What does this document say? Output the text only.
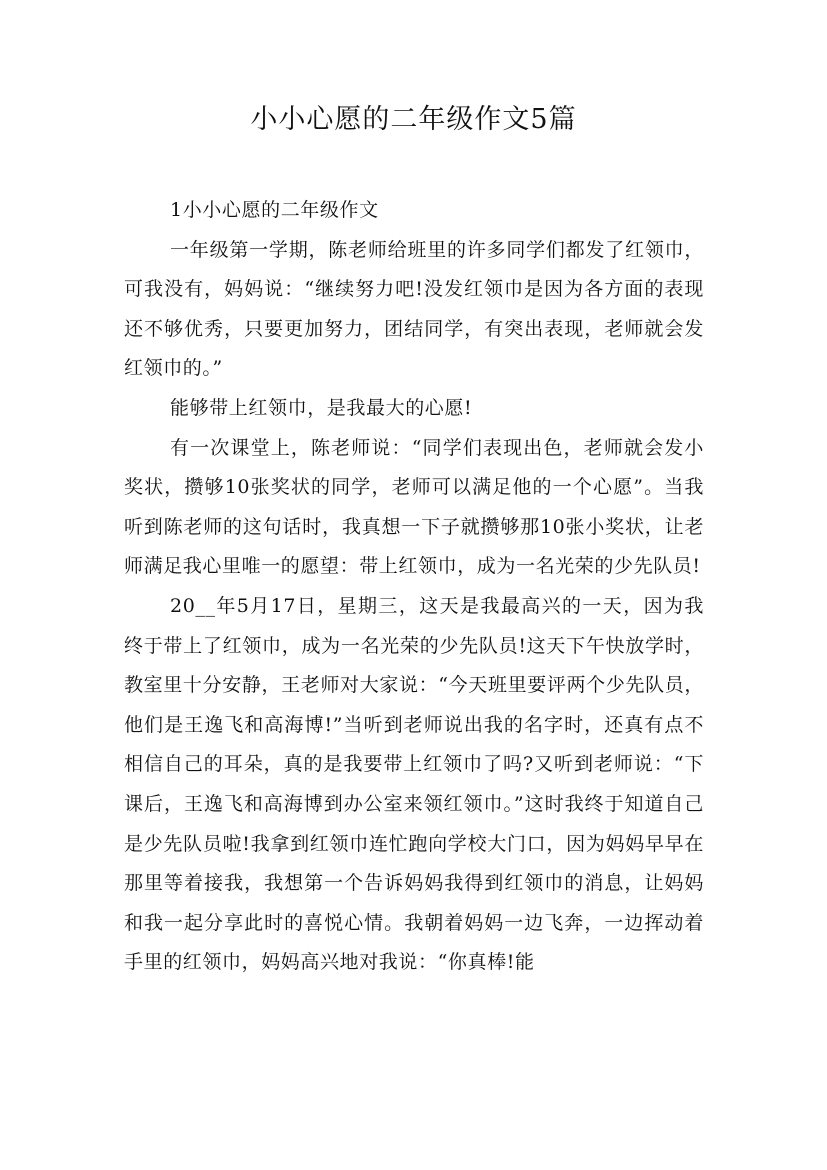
小小心愿的二年级作文5篇

1小小心愿的二年级作文

一年级第一学期，陈老师给班里的许多同学们都发了红领巾，可我没有，妈妈说：“继续努力吧!没发红领巾是因为各方面的表现还不够优秀，只要更加努力，团结同学，有突出表现，老师就会发红领巾的。”

能够带上红领巾，是我最大的心愿!

有一次课堂上，陈老师说：“同学们表现出色，老师就会发小奖状，攒够10张奖状的同学，老师可以满足他的一个心愿”。当我听到陈老师的这句话时，我真想一下子就攒够那10张小奖状，让老师满足我心里唯一的愿望：带上红领巾，成为一名光荣的少先队员!

20__年5月17日，星期三，这天是我最高兴的一天，因为我终于带上了红领巾，成为一名光荣的少先队员!这天下午快放学时，教室里十分安静，王老师对大家说：“今天班里要评两个少先队员，他们是王逸飞和高海博!”当听到老师说出我的名字时，还真有点不相信自己的耳朵，真的是我要带上红领巾了吗?又听到老师说：“下课后，王逸飞和高海博到办公室来领红领巾。”这时我终于知道自己是少先队员啦!我拿到红领巾连忙跑向学校大门口，因为妈妈早早在那里等着接我，我想第一个告诉妈妈我得到红领巾的消息，让妈妈和我一起分享此时的喜悦心情。我朝着妈妈一边飞奔，一边挥动着手里的红领巾，妈妈高兴地对我说：“你真棒!能
